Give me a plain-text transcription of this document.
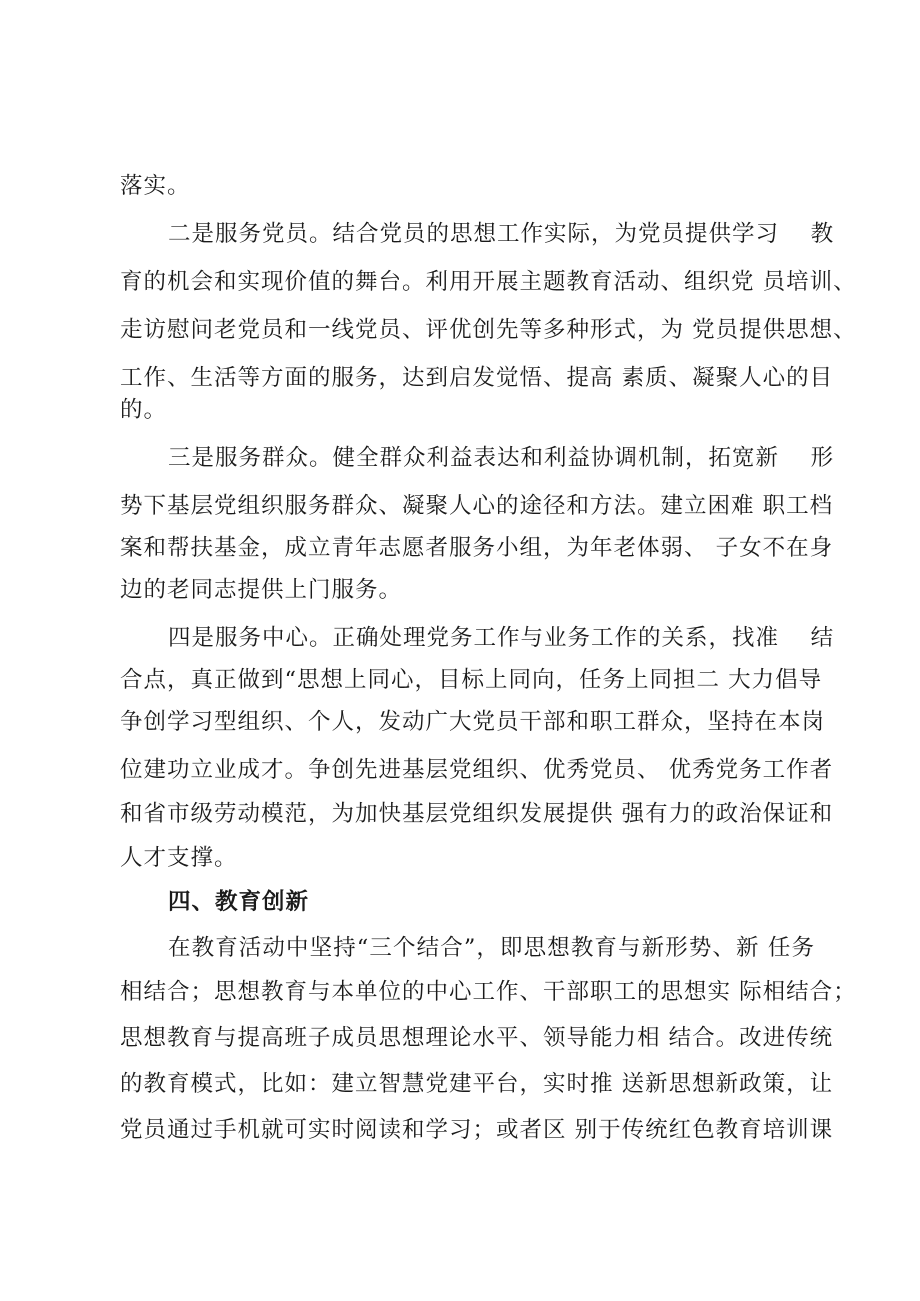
落实。
二是服务党员。结合党员的思想工作实际，为党员提供学习　 教
育的机会和实现价值的舞台。利用开展主题教育活动、组织党 员培训、
走访慰问老党员和一线党员、评优创先等多种形式，为 党员提供思想、
工作、生活等方面的服务，达到启发觉悟、提高 素质、凝聚人心的目
的。
三是服务群众。健全群众利益表达和利益协调机制，拓宽新　 形
势下基层党组织服务群众、凝聚人心的途径和方法。建立困难 职工档
案和帮扶基金，成立青年志愿者服务小组，为年老体弱、 子女不在身
边的老同志提供上门服务。
四是服务中心。正确处理党务工作与业务工作的关系，找准　 结
合点，真正做到“思想上同心，目标上同向，任务上同担二 大力倡导
争创学习型组织、个人，发动广大党员干部和职工群众，坚持在本岗
位建功立业成才。争创先进基层党组织、优秀党员、 优秀党务工作者
和省市级劳动模范，为加快基层党组织发展提供 强有力的政治保证和
人才支撑。
四、教育创新
在教育活动中坚持“三个结合”，即思想教育与新形势、新 任务
相结合；思想教育与本单位的中心工作、干部职工的思想实 际相结合；
思想教育与提高班子成员思想理论水平、领导能力相 结合。改进传统
的教育模式，比如：建立智慧党建平台，实时推 送新思想新政策，让
党员通过手机就可实时阅读和学习；或者区 别于传统红色教育培训课
